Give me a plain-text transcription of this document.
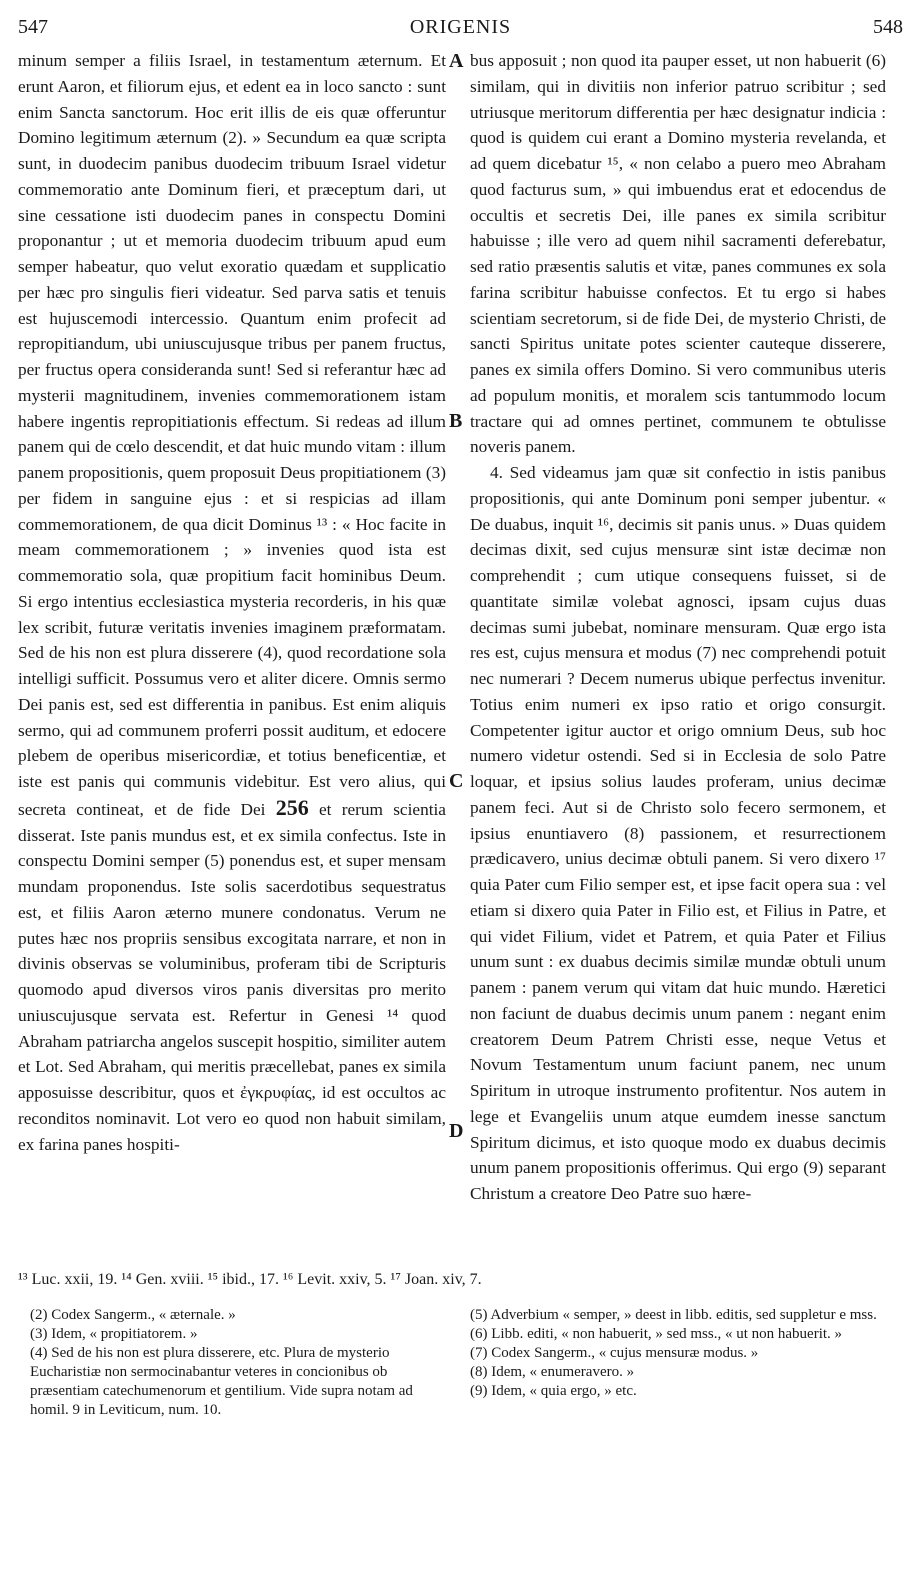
547	ORIGENIS	548

minum semper a filiis Israel, in testamentum æternum. Et erunt Aaron, et filiorum ejus, et edent ea in loco sancto : sunt enim Sancta sanctorum. Hoc erit illis de eis quæ offeruntur Domino legitimum æternum (2). » Secundum ea quæ scripta sunt, in duodecim panibus duodecim tribuum Israel videtur commemoratio ante Dominum fieri, et præceptum dari, ut sine cessatione isti duodecim panes in conspectu Domini proponantur ; ut et memoria duodecim tribuum apud eum semper habeatur, quo velut exoratio quædam et supplicatio per hæc pro singulis fieri videatur. Sed parva satis et tenuis est hujuscemodi intercessio. Quantum enim profecit ad repropitiandum, ubi uniuscujusque tribus per panem fructus, per fructus opera consideranda sunt! Sed si referantur hæc ad mysterii magnitudinem, invenies commemorationem istam habere ingentis repropitiationis effectum. Si redeas ad illum panem qui de cœlo descendit, et dat huic mundo vitam : illum panem propositionis, quem proposuit Deus propitiationem (3) per fidem in sanguine ejus : et si respicias ad illam commemorationem, de qua dicit Dominus ¹³ : « Hoc facite in meam commemorationem ; » invenies quod ista est commemoratio sola, quæ propitium facit hominibus Deum. Si ergo intentius ecclesiastica mysteria recorderis, in his quæ lex scribit, futuræ veritatis invenies imaginem præformatam. Sed de his non est plura disserere (4), quod recordatione sola intelligi sufficit. Possumus vero et aliter dicere. Omnis sermo Dei panis est, sed est differentia in panibus. Est enim aliquis sermo, qui ad communem proferri possit auditum, et edocere plebem de operibus misericordiæ, et totius beneficentiæ, et iste est panis qui communis videbitur. Est vero alius, qui secreta contineat, et de fide Dei 256 et rerum scientia disserat. Iste panis mundus est, et ex simila confectus. Iste in conspectu Domini semper (5) ponendus est, et super mensam mundam proponendus. Iste solis sacerdotibus sequestratus est, et filiis Aaron æterno munere condonatus. Verum ne putes hæc nos propriis sensibus excogitata narrare, et non in divinis observas se voluminibus, proferam tibi de Scripturis quomodo apud diversos viros panis diversitas pro merito uniuscujusque servata est. Refertur in Genesi ¹⁴ quod Abraham patriarcha angelos suscepit hospitio, similiter autem et Lot. Sed Abraham, qui meritis præcellebat, panes ex simila apposuisse describitur, quos et ἐγκρυφίας, id est occultos ac reconditos nominavit. Lot vero eo quod non habuit similam, ex farina panes hospiti-

A
B
C
D

bus apposuit ; non quod ita pauper esset, ut non habuerit (6) similam, qui in divitiis non inferior patruo scribitur ; sed utriusque meritorum differentia per hæc designatur indicia : quod is quidem cui erant a Domino mysteria revelanda, et ad quem dicebatur ¹⁵, « non celabo a puero meo Abraham quod facturus sum, » qui imbuendus erat et edocendus de occultis et secretis Dei, ille panes ex simila scribitur habuisse ; ille vero ad quem nihil sacramenti deferebatur, sed ratio præsentis salutis et vitæ, panes communes ex sola farina scribitur habuisse confectos. Et tu ergo si habes scientiam secretorum, si de fide Dei, de mysterio Christi, de sancti Spiritus unitate potes scienter cauteque disserere, panes ex simila offers Domino. Si vero communibus uteris ad populum monitis, et moralem scis tantummodo locum tractare qui ad omnes pertinet, communem te obtulisse noveris panem.

4. Sed videamus jam quæ sit confectio in istis panibus propositionis, qui ante Dominum poni semper jubentur. « De duabus, inquit ¹⁶, decimis sit panis unus. » Duas quidem decimas dixit, sed cujus mensuræ sint istæ decimæ non comprehendit ; cum utique consequens fuisset, si de quantitate similæ volebat agnosci, ipsam cujus duas decimas sumi jubebat, nominare mensuram. Quæ ergo ista res est, cujus mensura et modus (7) nec comprehendi potuit nec numerari ? Decem numerus ubique perfectus invenitur. Totius enim numeri ex ipso ratio et origo consurgit. Competenter igitur auctor et origo omnium Deus, sub hoc numero videtur ostendi. Sed si in Ecclesia de solo Patre loquar, et ipsius solius laudes proferam, unius decimæ panem feci. Aut si de Christo solo fecero sermonem, et ipsius enuntiavero (8) passionem, et resurrectionem prædicavero, unius decimæ obtuli panem. Si vero dixero ¹⁷ quia Pater cum Filio semper est, et ipse facit opera sua : vel etiam si dixero quia Pater in Filio est, et Filius in Patre, et qui videt Filium, videt et Patrem, et quia Pater et Filius unum sunt : ex duabus decimis similæ mundæ obtuli unum panem : panem verum qui vitam dat huic mundo. Hæretici non faciunt de duabus decimis unum panem : negant enim creatorem Deum Patrem Christi esse, neque Vetus et Novum Testamentum unum faciunt panem, nec unum Spiritum in utroque instrumento profitentur. Nos autem in lege et Evangeliis unum atque eumdem inesse sanctum Spiritum dicimus, et isto quoque modo ex duabus decimis unum panem propositionis offerimus. Qui ergo (9) separant Christum a creatore Deo Patre suo hære-

¹³ Luc. xxii, 19. ¹⁴ Gen. xviii. ¹⁵ ibid., 17. ¹⁶ Levit. xxiv, 5. ¹⁷ Joan. xiv, 7.

(2) Codex Sangerm., « æternale. »

(3) Idem, « propitiatorem. »

(4) Sed de his non est plura disserere, etc. Plura de mysterio Eucharistiæ non sermocinabantur veteres in concionibus ob præsentiam catechumenorum et gentilium. Vide supra notam ad homil. 9 in Leviticum, num. 10.

(5) Adverbium « semper, » deest in libb. editis, sed suppletur e mss.

(6) Libb. editi, « non habuerit, » sed mss., « ut non habuerit. »

(7) Codex Sangerm., « cujus mensuræ modus. »

(8) Idem, « enumeravero. »

(9) Idem, « quia ergo, » etc.
